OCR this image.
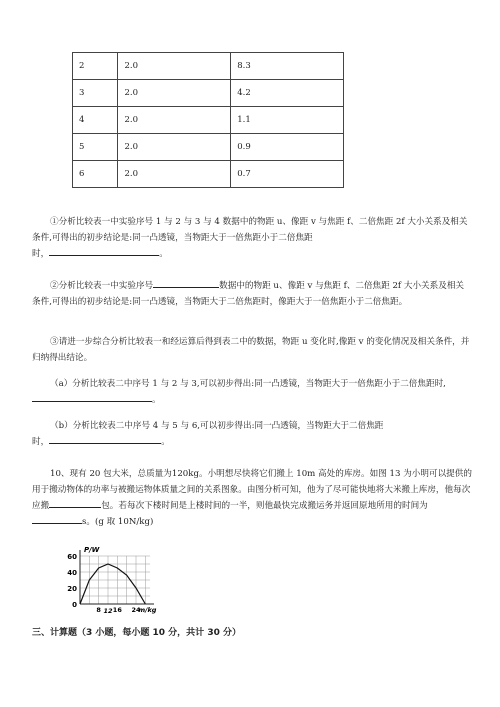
2	2.0	8.3
3	2.0	4.2
4	2.0	1.1
5	2.0	0.9
6	2.0	0.7

①分析比较表一中实验序号 1 与 2 与 3 与 4 数据中的物距 u、像距 v 与焦距 f、二倍焦距 2f 大小关系及相关条件,可得出的初步结论是:同一凸透镜，当物距大于一倍焦距小于二倍焦距
时，	。

②分析比较表一中实验序号	数据中的物距 u、像距 v 与焦距 f、二倍焦距 2f 大小关系及相关条件,可得出的初步结论是:同一凸透镜，当物距大于二倍焦距时，像距大于一倍焦距小于二倍焦距。

③请进一步综合分析比较表一和经运算后得到表二中的数据，物距 u 变化时,像距 v 的变化情况及相关条件，并归纳得出结论。

（a）分析比较表二中序号 1 与 2 与 3,可以初步得出:同一凸透镜，当物距大于一倍焦距小于二倍焦距时,。

（b）分析比较表二中序号 4 与 5 与 6,可以初步得出:同一凸透镜，当物距大于二倍焦距
时，	。

10、现有 20 包大米，总质量为120kg。小明想尽快将它们搬上 10m 高处的库房。如图 13 为小明可以提供的用于搬动物体的功率与被搬运物体质量之间的关系图象。由图分析可知，他为了尽可能快地将大米搬上库房，他每次应搬	包。若每次下楼时间是上楼时间的一半，则他最快完成搬运务并返回原地所用的时间为s。(g 取 10N/kg)

60
40
20
0
8 16 24
12
P/W
m/kg
三、计算题（3 小题，每小题 10 分，共计 30 分）
